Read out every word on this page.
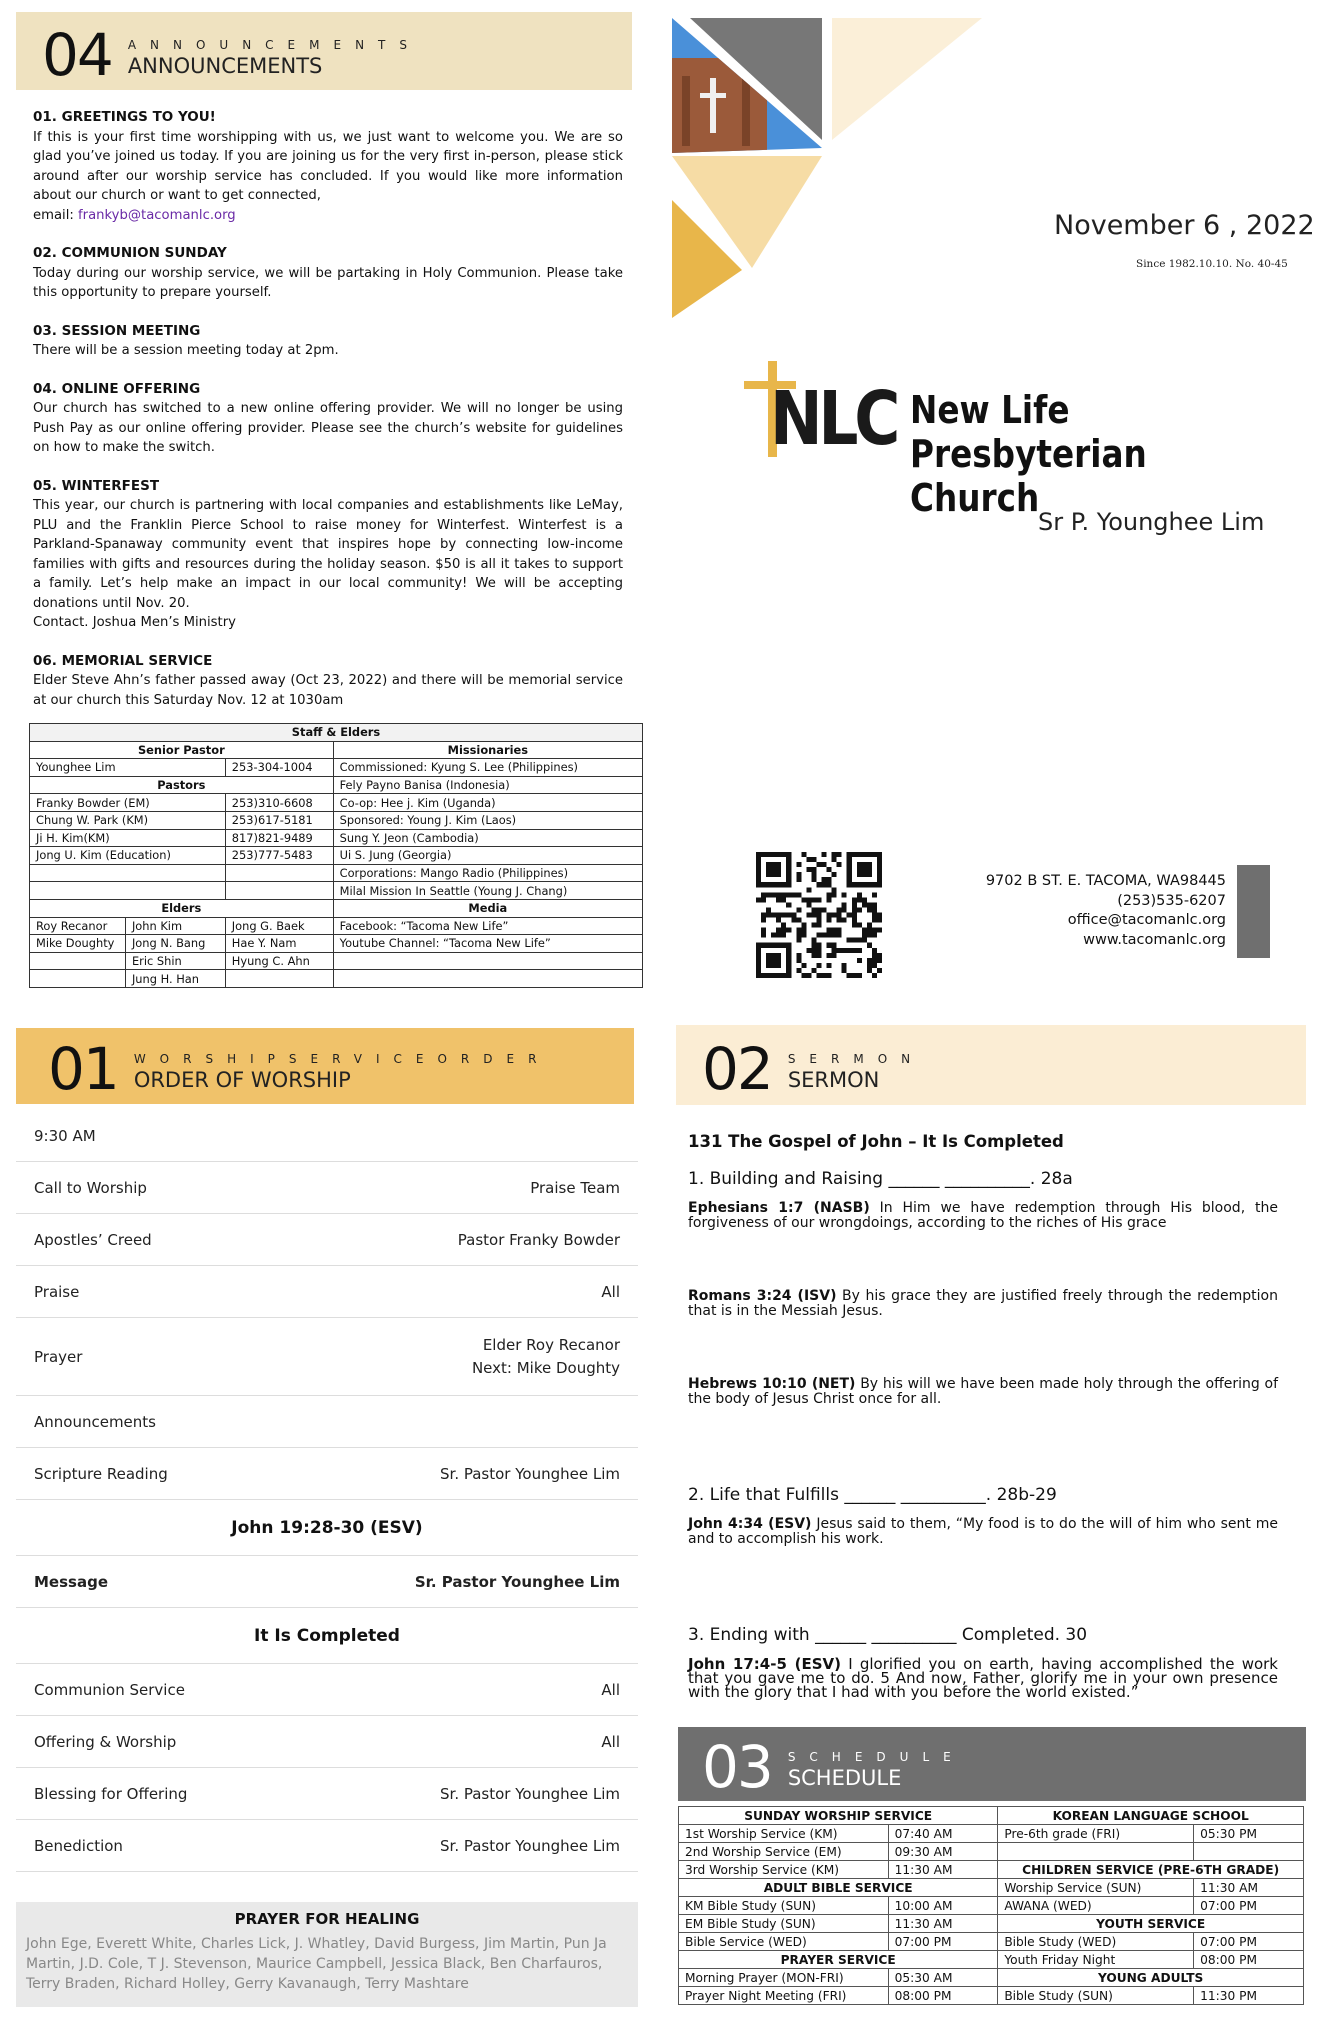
04 ANNOUNCEMENTS
ANNOUNCEMENTS
01. GREETINGS TO YOU!
If this is your first time worshipping with us, we just want to welcome you. We are so glad you’ve joined us today. If you are joining us for the very first in-person, please stick around after our worship service has concluded. If you would like more information about our church or want to get connected,
email: frankyb@tacomanlc.org
02. COMMUNION SUNDAY
Today during our worship service, we will be partaking in Holy Communion. Please take this opportunity to prepare yourself.
03. SESSION MEETING
There will be a session meeting today at 2pm.
04. ONLINE OFFERING
Our church has switched to a new online offering provider. We will no longer be using Push Pay as our online offering provider. Please see the church’s website for guidelines on how to make the switch.
05. WINTERFEST
This year, our church is partnering with local companies and establishments like LeMay, PLU and the Franklin Pierce School to raise money for Winterfest. Winterfest is a Parkland-Spanaway community event that inspires hope by connecting low-income families with gifts and resources during the holiday season. $50 is all it takes to support a family. Let’s help make an impact in our local community! We will be accepting donations until Nov. 20.
Contact. Joshua Men’s Ministry
06. MEMORIAL SERVICE
Elder Steve Ahn’s father passed away (Oct 23, 2022) and there will be memorial service at our church this Saturday Nov. 12 at 1030am
Staff & Elders			
Senior Pastor			Missionaries
Younghee Lim		253-304-1004	Commissioned: Kyung S. Lee (Philippines)
Pastors			Fely Payno Banisa (Indonesia)
Franky Bowder (EM)		253)310-6608	Co-op: Hee j. Kim (Uganda)
Chung W. Park (KM)		253)617-5181	Sponsored: Young J. Kim (Laos)
Ji H. Kim(KM)		817)821-9489	Sung Y. Jeon (Cambodia)
Jong U. Kim (Education)		253)777-5483	Ui S. Jung (Georgia)
			Corporations: Mango Radio (Philippines)
			Milal Mission In Seattle (Young J. Chang)
Elders			Media
Roy Recanor	John Kim	Jong G. Baek	Facebook: “Tacoma New Life”
Mike Doughty	Jong N. Bang	Hae Y. Nam	Youtube Channel: “Tacoma New Life”
	Eric Shin	Hyung C. Ahn	
	Jung H. Han		
November 6 , 2022
Since 1982.10.10. No. 40-45
NLC New Life
Presbyterian Church
Sr P. Younghee Lim
9702 B ST. E. TACOMA, WA98445
(253)535-6207
office@tacomanlc.org
www.tacomanlc.org
01 WORSHIPSERVICEORDER
ORDER OF WORSHIP
9:30 AM
Call to Worship	Praise Team
Apostles’ Creed	Pastor Franky Bowder
Praise	All
Prayer
Elder Roy Recanor
Next: Mike Doughty
Announcements
Scripture Reading	Sr. Pastor Younghee Lim
John 19:28-30 (ESV)
Message	Sr. Pastor Younghee Lim
It Is Completed
Communion Service	All
Offering & Worship	All
Blessing for Offering	Sr. Pastor Younghee Lim
Benediction	Sr. Pastor Younghee Lim
PRAYER FOR HEALING
John Ege, Everett White, Charles Lick, J. Whatley, David Burgess, Jim Martin, Pun Ja Martin, J.D. Cole, T J. Stevenson, Maurice Campbell, Jessica Black, Ben Charfauros, Terry Braden, Richard Holley, Gerry Kavanaugh, Terry Mashtare
02 SERMON
SERMON
131 The Gospel of John – It Is Completed
1. Building and Raising ______ __________. 28a
Ephesians 1:7 (NASB) In Him we have redemption through His blood, the forgiveness of our wrongdoings, according to the riches of His grace
Romans 3:24 (ISV) By his grace they are justified freely through the redemption that is in the Messiah Jesus.
Hebrews 10:10 (NET) By his will we have been made holy through the offering of the body of Jesus Christ once for all.
2. Life that Fulfills ______ __________. 28b-29
John 4:34 (ESV) Jesus said to them, “My food is to do the will of him who sent me and to accomplish his work.
3. Ending with ______ __________ Completed. 30
John 17:4-5 (ESV) I glorified you on earth, having accomplished the work that you gave me to do. 5 And now, Father, glorify me in your own presence with the glory that I had with you before the world existed.”
03 SCHEDULE
SCHEDULE
SUNDAY WORSHIP SERVICE		KOREAN LANGUAGE SCHOOL	
1st Worship Service (KM)	07:40 AM	Pre-6th grade (FRI)	05:30 PM
2nd Worship Service (EM)	09:30 AM		
3rd Worship Service (KM)	11:30 AM	CHILDREN SERVICE (PRE-6TH GRADE)	
ADULT BIBLE SERVICE		Worship Service (SUN)	11:30 AM
KM Bible Study (SUN)	10:00 AM	AWANA (WED)	07:00 PM
EM Bible Study (SUN)	11:30 AM	YOUTH SERVICE	
Bible Service (WED)	07:00 PM	Bible Study (WED)	07:00 PM
PRAYER SERVICE		Youth Friday Night	08:00 PM
Morning Prayer (MON-FRI)	05:30 AM	YOUNG ADULTS	
Prayer Night Meeting (FRI)	08:00 PM	Bible Study (SUN)	11:30 PM
